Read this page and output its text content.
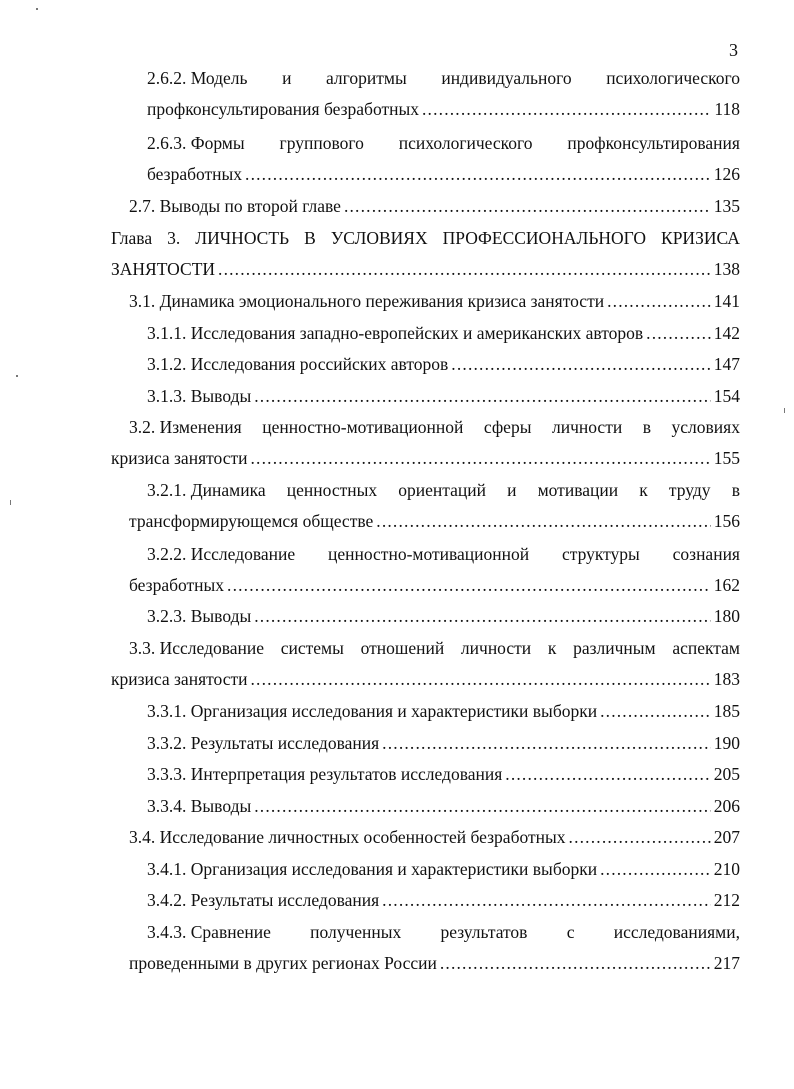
3
2.6.2. Модель и алгоритмы индивидуального психологического
профконсультирования безработных . . .	118
2.6.3. Формы группового психологического профконсультирования
безработных . . .	126
2.7. Выводы по второй главе . . .	135
Глава 3. ЛИЧНОСТЬ В УСЛОВИЯХ ПРОФЕССИОНАЛЬНОГО КРИЗИСА
ЗАНЯТОСТИ . . .	138
3.1. Динамика эмоционального переживания кризиса занятости . . .	141
3.1.1. Исследования западно-европейских и американских авторов . . .	142
3.1.2. Исследования российских авторов . . .	147
3.1.3. Выводы . . .	154
3.2. Изменения ценностно-мотивационной сферы личности в условиях
кризиса занятости . . .	155
3.2.1. Динамика ценностных ориентаций и мотивации к труду в
трансформирующемся обществе . . .	156
3.2.2. Исследование ценностно-мотивационной структуры сознания
безработных . . .	162
3.2.3. Выводы . . .	180
3.3. Исследование системы отношений личности к различным аспектам
кризиса занятости . . .	183
3.3.1. Организация исследования и характеристики выборки . . .	185
3.3.2. Результаты исследования . . .	190
3.3.3. Интерпретация результатов исследования . . .	205
3.3.4. Выводы . . .	206
3.4. Исследование личностных особенностей безработных . . .	207
3.4.1. Организация исследования и характеристики выборки . . .	210
3.4.2. Результаты исследования . . .	212
3.4.3. Сравнение полученных результатов с исследованиями,
проведенными в других регионах России . . .	217
